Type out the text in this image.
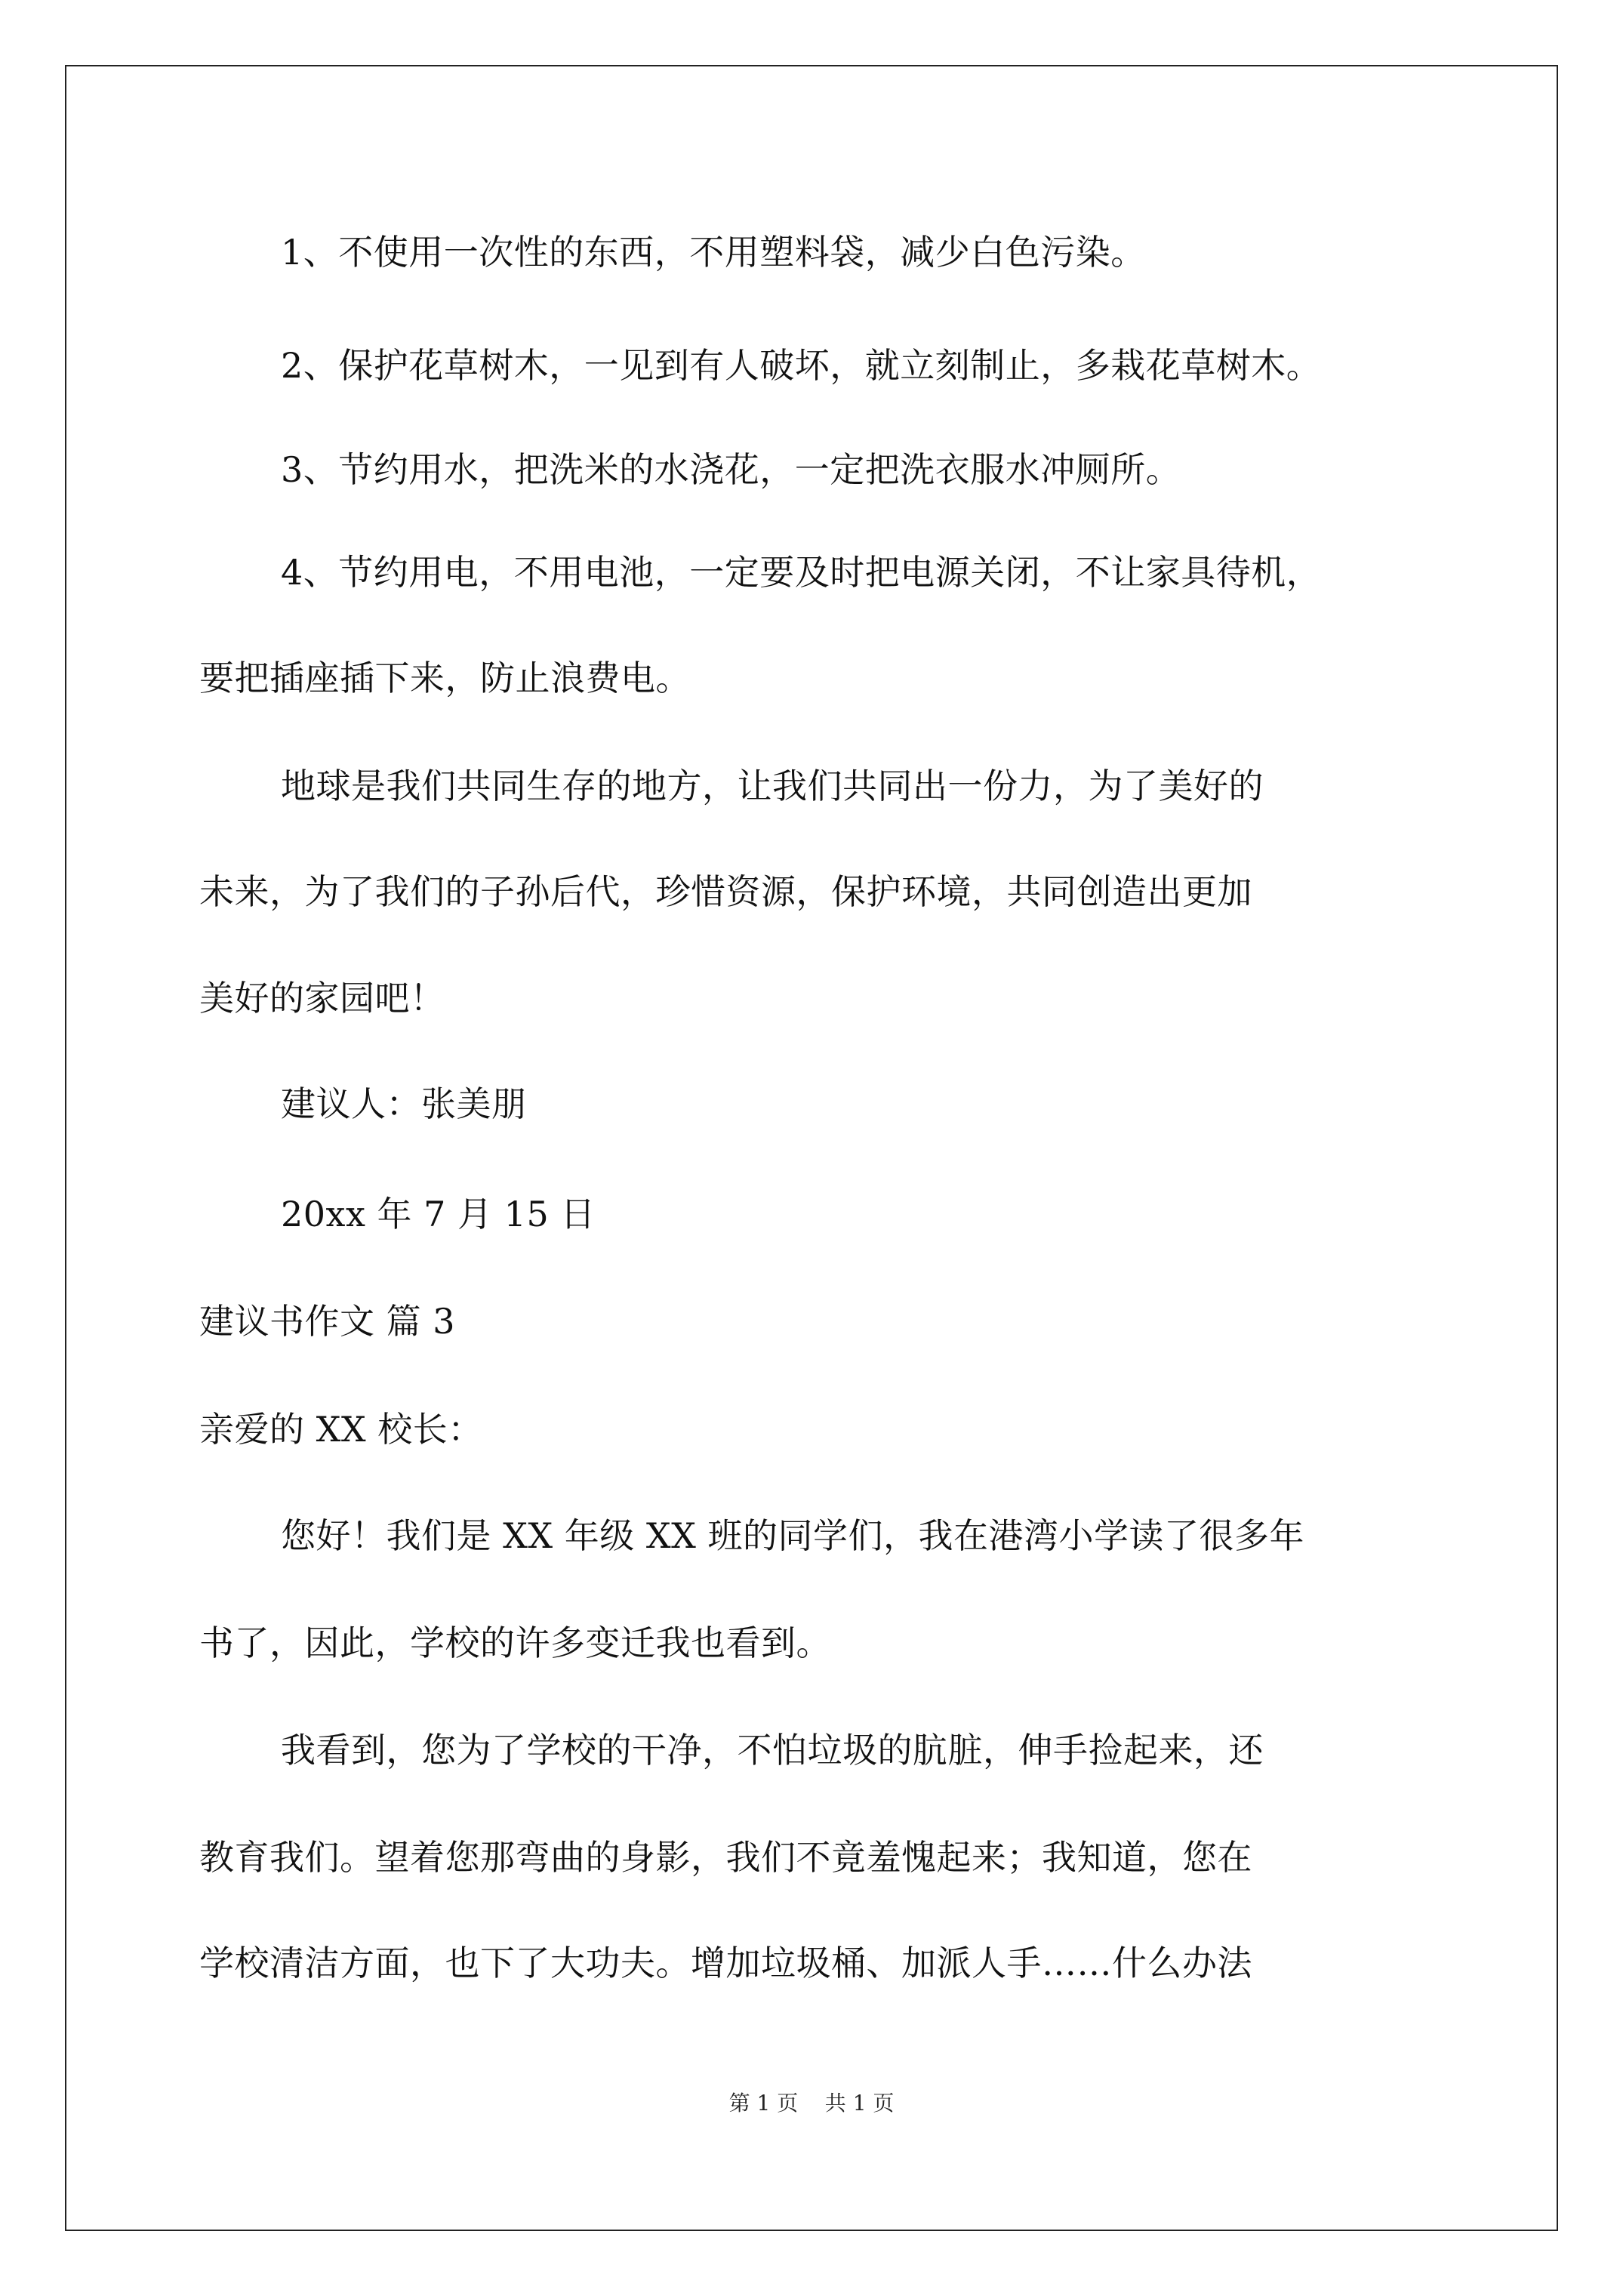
1、不使用一次性的东西，不用塑料袋，减少白色污染。
2、保护花草树木，一见到有人破坏，就立刻制止，多栽花草树木。
3、节约用水，把洗米的水浇花，一定把洗衣服水冲厕所。
4、节约用电，不用电池，一定要及时把电源关闭，不让家具待机，
要把插座插下来，防止浪费电。
地球是我们共同生存的地方，让我们共同出一份力，为了美好的
未来，为了我们的子孙后代，珍惜资源，保护环境，共同创造出更加
美好的家园吧！
建议人：张美朋
20xx 年 7 月 15 日
建议书作文 篇 3
亲爱的 XX 校长：
您好！我们是 XX 年级 XX 班的同学们，我在港湾小学读了很多年
书了，因此，学校的许多变迁我也看到。
我看到，您为了学校的干净，不怕垃圾的肮脏，伸手捡起来，还
教育我们。望着您那弯曲的身影，我们不竟羞愧起来；我知道，您在
学校清洁方面，也下了大功夫。增加垃圾桶、加派人手……什么办法
第 1 页    共 1 页
